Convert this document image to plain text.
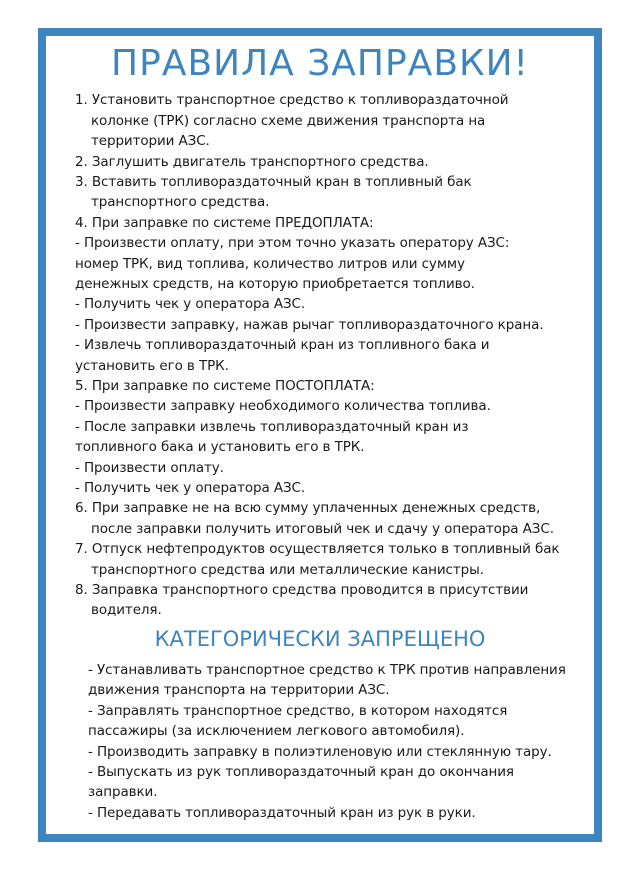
ПРАВИЛА ЗАПРАВКИ!
1. Установить транспортное средство к топливораздаточной
колонке (ТРК) согласно схеме движения транспорта на
территории АЗС.
2. Заглушить двигатель транспортного средства.
3. Вставить топливораздаточный кран в топливный бак
транспортного средства.
4. При заправке по системе ПРЕДОПЛАТА:
- Произвести оплату, при этом точно указать оператору АЗС:
номер ТРК, вид топлива, количество литров или сумму
денежных средств, на которую приобретается топливо.
- Получить чек у оператора АЗС.
- Произвести заправку, нажав рычаг топливораздаточного крана.
- Извлечь топливораздаточный кран из топливного бака и
установить его в ТРК.
5. При заправке по системе ПОСТОПЛАТА:
- Произвести заправку необходимого количества топлива.
- После заправки извлечь топливораздаточный кран из
топливного бака и установить его в ТРК.
- Произвести оплату.
- Получить чек у оператора АЗС.
6. При заправке не на всю сумму уплаченных денежных средств,
после заправки получить итоговый чек и сдачу у оператора АЗС.
7. Отпуск нефтепродуктов осуществляется только в топливный бак
транспортного средства или металлические канистры.
8. Заправка транспортного средства проводится в присутствии
водителя.
КАТЕГОРИЧЕСКИ ЗАПРЕЩЕНО
- Устанавливать транспортное средство к ТРК против направления
движения транспорта на территории АЗС.
- Заправлять транспортное средство, в котором находятся
пассажиры (за исключением легкового автомобиля).
- Производить заправку в полиэтиленовую или стеклянную тару.
- Выпускать из рук топливораздаточный кран до окончания
заправки.
- Передавать топливораздаточный кран из рук в руки.
